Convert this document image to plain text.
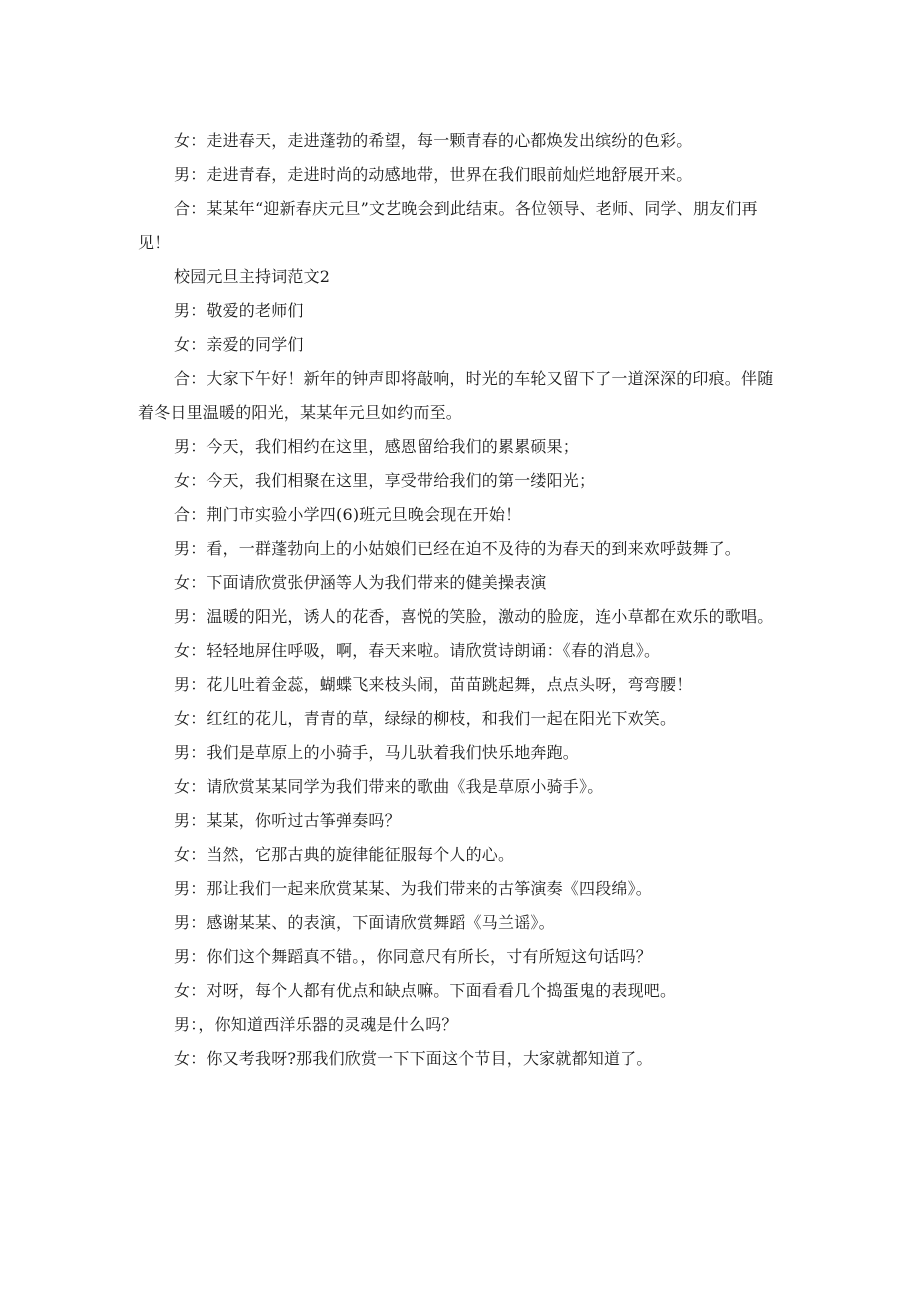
女：走进春天，走进蓬勃的希望，每一颗青春的心都焕发出缤纷的色彩。

男：走进青春，走进时尚的动感地带，世界在我们眼前灿烂地舒展开来。

合：某某年“迎新春庆元旦”文艺晚会到此结束。各位领导、老师、同学、朋友们再见！

校园元旦主持词范文2

男：敬爱的老师们

女：亲爱的同学们

合：大家下午好！新年的钟声即将敲响，时光的车轮又留下了一道深深的印痕。伴随着冬日里温暖的阳光，某某年元旦如约而至。

男：今天，我们相约在这里，感恩留给我们的累累硕果；

女：今天，我们相聚在这里，享受带给我们的第一缕阳光；

合：荆门市实验小学四(6)班元旦晚会现在开始！

男：看，一群蓬勃向上的小姑娘们已经在迫不及待的为春天的到来欢呼鼓舞了。

女：下面请欣赏张伊涵等人为我们带来的健美操表演

男：温暖的阳光，诱人的花香，喜悦的笑脸，激动的脸庞，连小草都在欢乐的歌唱。

女：轻轻地屏住呼吸，啊，春天来啦。请欣赏诗朗诵：《春的消息》。

男：花儿吐着金蕊，蝴蝶飞来枝头闹，苗苗跳起舞，点点头呀，弯弯腰！

女：红红的花儿，青青的草，绿绿的柳枝，和我们一起在阳光下欢笑。

男：我们是草原上的小骑手，马儿驮着我们快乐地奔跑。

女：请欣赏某某同学为我们带来的歌曲《我是草原小骑手》。

男：某某，你听过古筝弹奏吗？

女：当然，它那古典的旋律能征服每个人的心。

男：那让我们一起来欣赏某某、为我们带来的古筝演奏《四段绵》。

男：感谢某某、的表演，下面请欣赏舞蹈《马兰谣》。

男：你们这个舞蹈真不错。，你同意尺有所长，寸有所短这句话吗？

女：对呀，每个人都有优点和缺点嘛。下面看看几个捣蛋鬼的表现吧。

男：，你知道西洋乐器的灵魂是什么吗？

女：你又考我呀?那我们欣赏一下下面这个节目，大家就都知道了。
